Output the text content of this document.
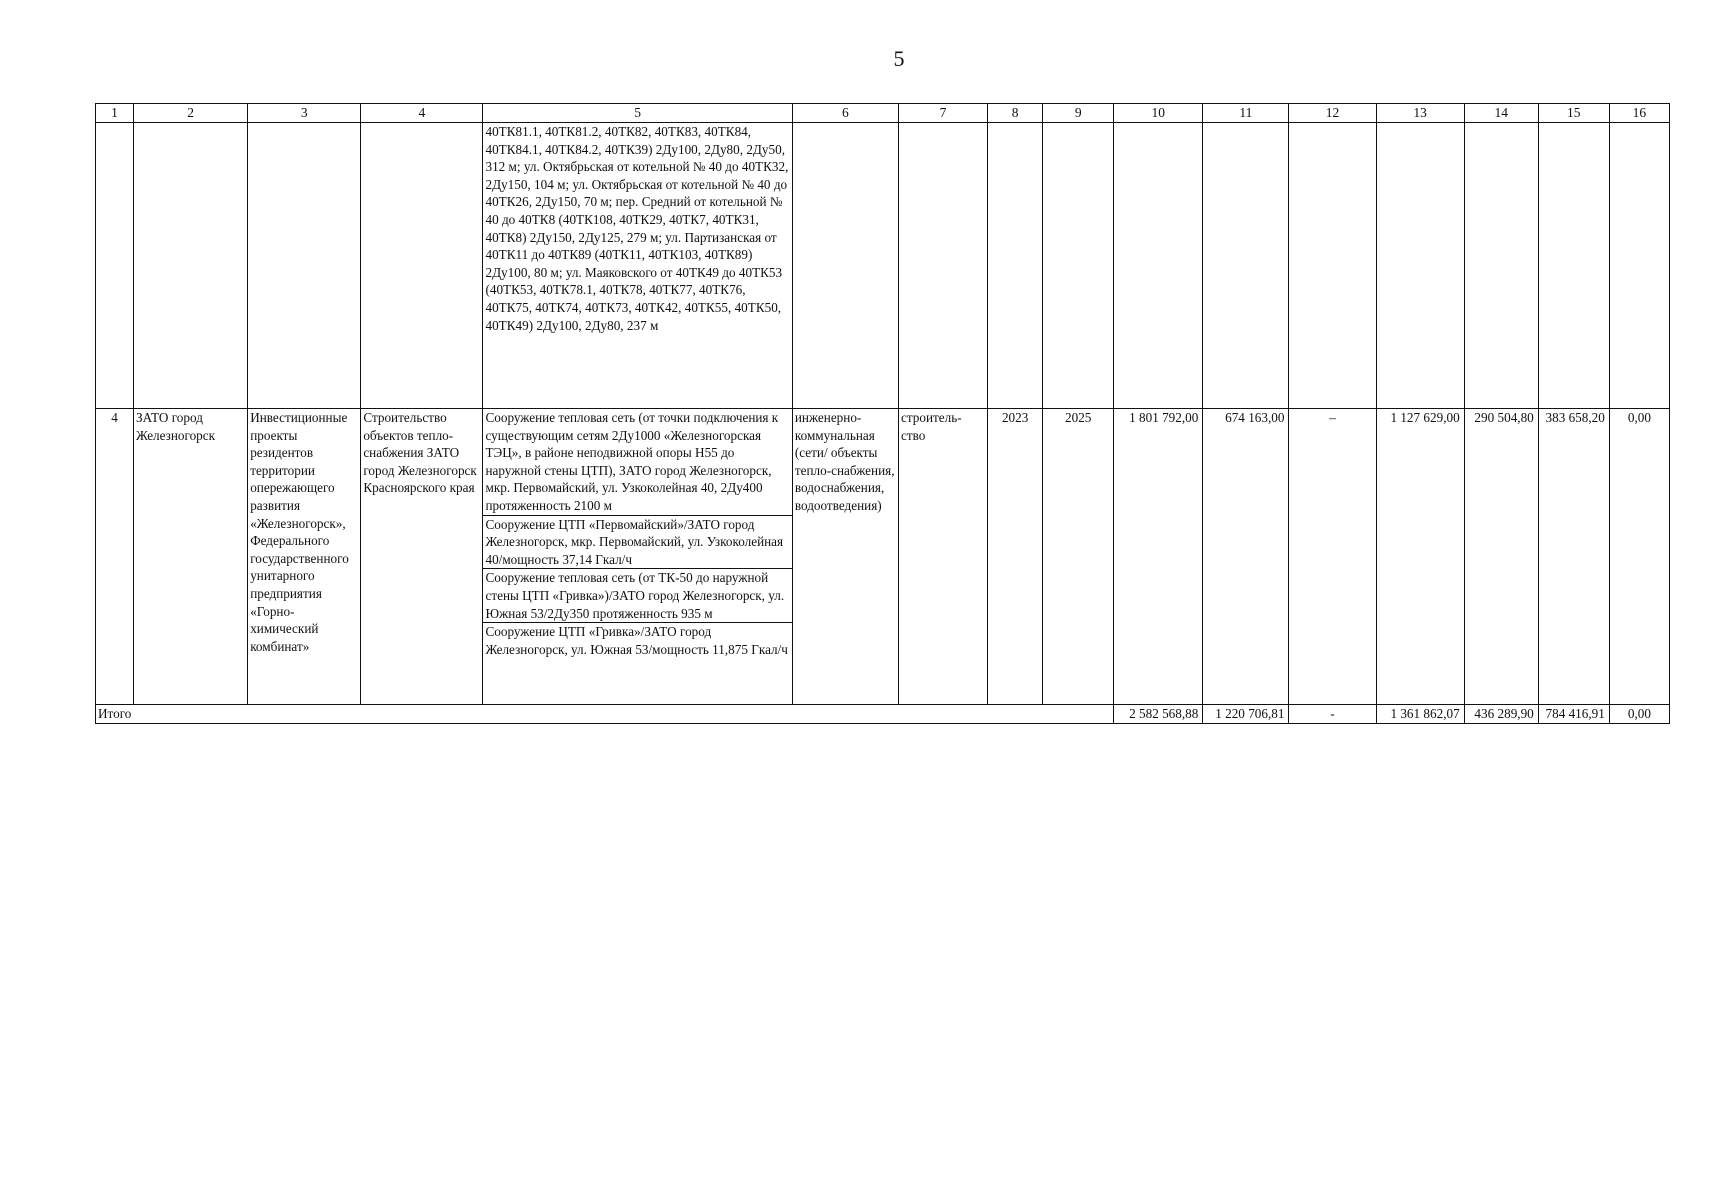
5
1	2	3	4	5	6	7	8	9	10	11	12	13	14	15	16
				40ТК81.1, 40ТК81.2, 40ТК82, 40ТК83, 40ТК84, 40ТК84.1, 40ТК84.2, 40ТК39) 2Ду100, 2Ду80, 2Ду50, 312 м; ул. Октябрьская от котельной № 40 до 40ТК32, 2Ду150, 104 м; ул. Октябрьская от котельной № 40 до 40ТК26, 2Ду150, 70 м; пер. Средний от котельной № 40 до 40ТК8 (40ТК108, 40ТК29, 40ТК7, 40ТК31, 40ТК8) 2Ду150, 2Ду125, 279 м; ул. Партизанская от 40ТК11 до 40ТК89 (40ТК11, 40ТК103, 40ТК89) 2Ду100, 80 м; ул. Маяковского от 40ТК49 до 40ТК53 (40ТК53, 40ТК78.1, 40ТК78, 40ТК77, 40ТК76, 40ТК75, 40ТК74, 40ТК73, 40ТК42, 40ТК55, 40ТК50, 40ТК49) 2Ду100, 2Ду80, 237 м											
4	ЗАТО город Железногорск	Инвестиционные проекты резидентов территории опережающего развития «Железногорск», Федерального государственного унитарного предприятия «Горно-химический комбинат»	Строительство объектов тепло-снабжения ЗАТО город Железногорск Красноярского края	Сооружение тепловая сеть (от точки подключения к существующим сетям 2Ду1000 «Железногорская ТЭЦ», в районе неподвижной опоры Н55 до наружной стены ЦТП), ЗАТО город Железногорск, мкр. Первомайский, ул. Узкоколейная 40, 2Ду400 протяженность 2100 м
Сооружение ЦТП «Первомайский»/ЗАТО город Железногорск, мкр. Первомайский, ул. Узкоколейная 40/мощность 37,14 Гкал/ч
Сооружение тепловая сеть (от ТК-50 до наружной стены ЦТП «Гривка»)/ЗАТО город Железногорск, ул. Южная 53/2Ду350 протяженность 935 м
Сооружение ЦТП «Гривка»/ЗАТО город Железногорск, ул. Южная 53/мощность 11,875 Гкал/ч	инженерно-коммунальная (сети/ объекты тепло-снабжения, водоснабжения, водоотведения)	строитель-ство	2023	2025	1 801 792,00	674 163,00	–	1 127 629,00	290 504,80	383 658,20	0,00
Итого									2 582 568,88	1 220 706,81	-	1 361 862,07	436 289,90	784 416,91	0,00
